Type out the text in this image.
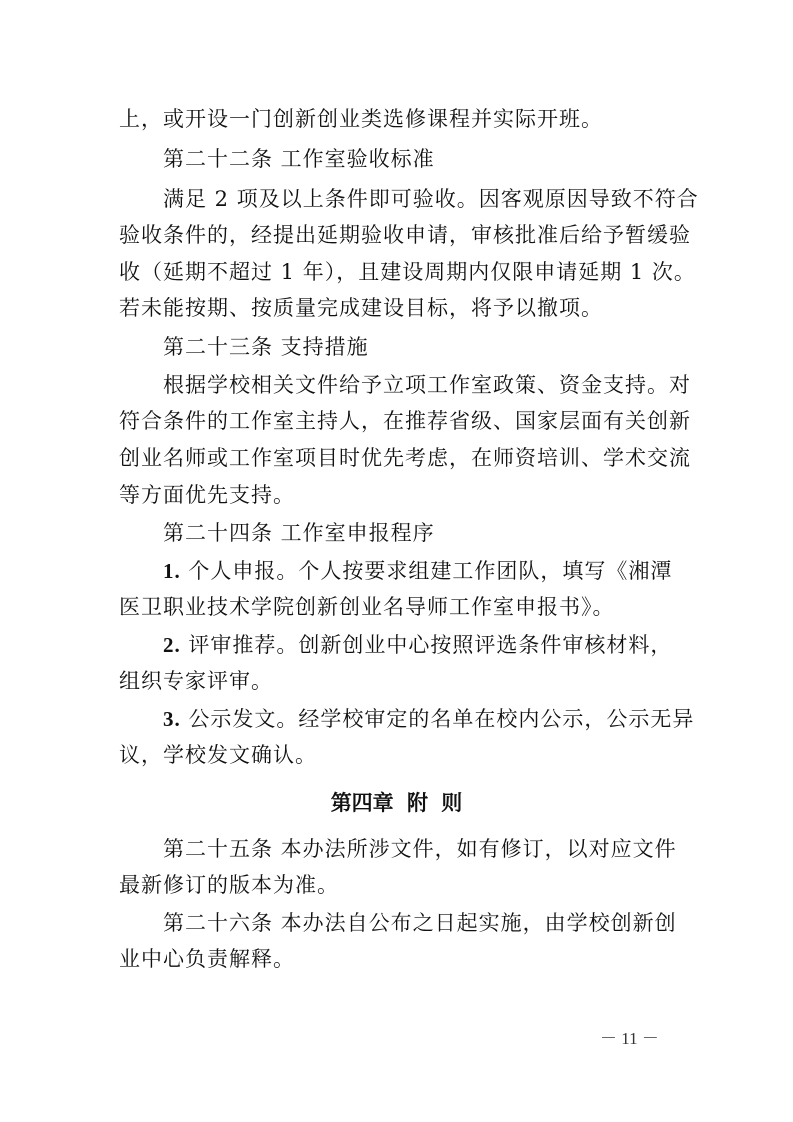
上，或开设一门创新创业类选修课程并实际开班。
第二十二条 工作室验收标准
满足 2 项及以上条件即可验收。因客观原因导致不符合
验收条件的，经提出延期验收申请，审核批准后给予暂缓验
收（延期不超过 1 年），且建设周期内仅限申请延期 1 次。
若未能按期、按质量完成建设目标，将予以撤项。
第二十三条 支持措施
根据学校相关文件给予立项工作室政策、资金支持。对
符合条件的工作室主持人，在推荐省级、国家层面有关创新
创业名师或工作室项目时优先考虑，在师资培训、学术交流
等方面优先支持。
第二十四条 工作室申报程序
1. 个人申报。个人按要求组建工作团队，填写《湘潭
医卫职业技术学院创新创业名导师工作室申报书》。
2. 评审推荐。创新创业中心按照评选条件审核材料，
组织专家评审。
3. 公示发文。经学校审定的名单在校内公示，公示无异
议，学校发文确认。
第四章 附 则
第二十五条 本办法所涉文件，如有修订，以对应文件
最新修订的版本为准。
第二十六条 本办法自公布之日起实施，由学校创新创
业中心负责解释。
－ 11 －
